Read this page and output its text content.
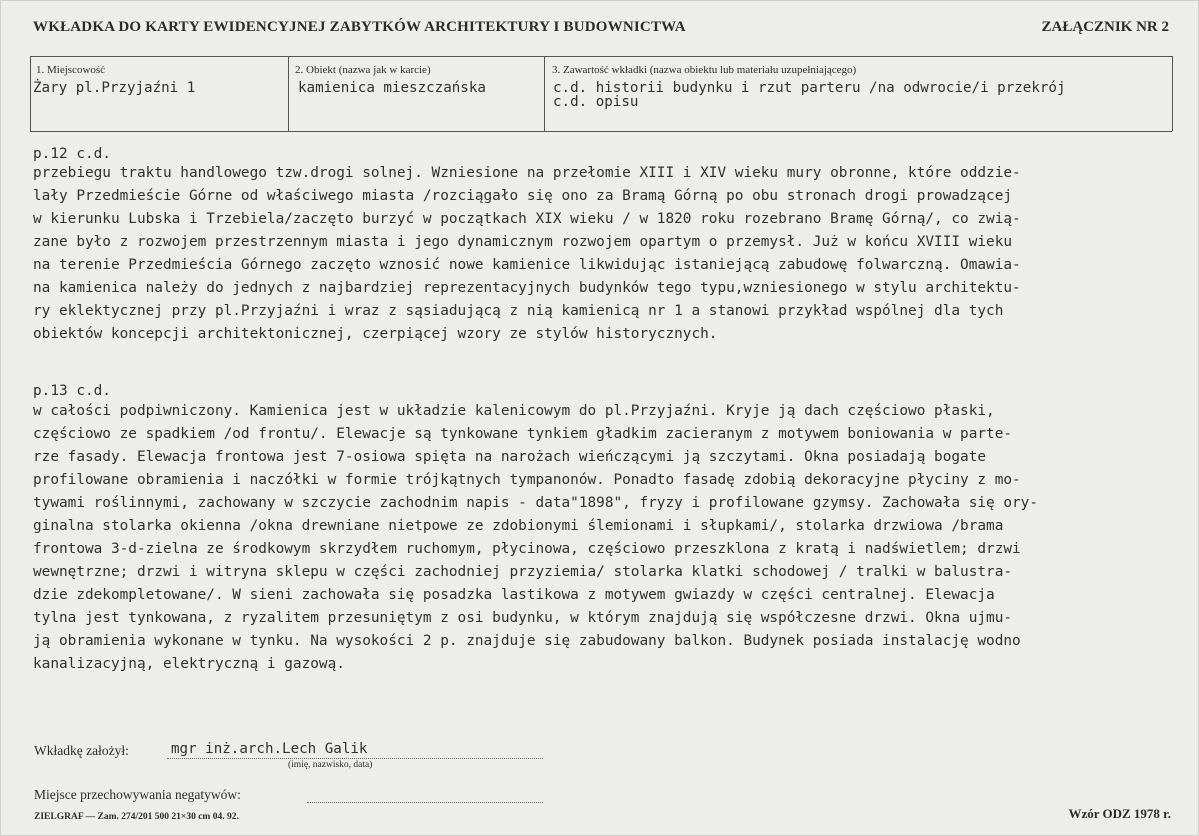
WKŁADKA DO KARTY EWIDENCYJNEJ ZABYTKÓW ARCHITEKTURY I BUDOWNICTWA	ZAŁĄCZNIK NR 2
1. Miejscowość
Żary pl.Przyjaźni 1
2. Obiekt (nazwa jak w karcie)
kamienica mieszczańska
3. Zawartość wkładki (nazwa obiektu lub materiału uzupełniającego)
c.d. historii budynku i rzut parteru /na odwrocie/i przekrój
c.d. opisu
p.12 c.d.
przebiegu traktu handlowego tzw.drogi solnej. Wzniesione na przełomie XIII i XIV wieku mury obronne, które oddzie-
lały Przedmieście Górne od właściwego miasta /rozciągało się ono za Bramą Górną po obu stronach drogi prowadzącej
w kierunku Lubska i Trzebiela/zaczęto burzyć w początkach XIX wieku / w 1820 roku rozebrano Bramę Górną/, co zwią-
zane było z rozwojem przestrzennym miasta i jego dynamicznym rozwojem opartym o przemysł. Już w końcu XVIII wieku
na terenie Przedmieścia Górnego zaczęto wznosić nowe kamienice likwidując istaniejącą zabudowę folwarczną. Omawia-
na kamienica należy do jednych z najbardziej reprezentacyjnych budynków tego typu,wzniesionego w stylu architektu-
ry eklektycznej przy pl.Przyjaźni i wraz z sąsiadującą z nią kamienicą nr 1 a stanowi przykład wspólnej dla tych
obiektów koncepcji architektonicznej, czerpiącej wzory ze stylów historycznych.
p.13 c.d.
w całości podpiwniczony. Kamienica jest w układzie kalenicowym do pl.Przyjaźni. Kryje ją dach częściowo płaski,
częściowo ze spadkiem /od frontu/. Elewacje są tynkowane tynkiem gładkim zacieranym z motywem boniowania w parte-
rze fasady. Elewacja frontowa jest 7-osiowa spięta na narożach wieńczącymi ją szczytami. Okna posiadają bogate
profilowane obramienia i naczółki w formie trójkątnych tympanonów. Ponadto fasadę zdobią dekoracyjne płyciny z mo-
tywami roślinnymi, zachowany w szczycie zachodnim napis - data"1898", fryzy i profilowane gzymsy. Zachowała się ory-
ginalna stolarka okienna /okna drewniane nietpowe ze zdobionymi ślemionami i słupkami/, stolarka drzwiowa /brama
frontowa 3-d-zielna ze środkowym skrzydłem ruchomym, płycinowa, częściowo przeszklona z kratą i nadświetlem; drzwi
wewnętrzne; drzwi i witryna sklepu w części zachodniej przyziemia/ stolarka klatki schodowej / tralki w balustra-
dzie zdekompletowane/. W sieni zachowała się posadzka lastikowa z motywem gwiazdy w części centralnej. Elewacja
tylna jest tynkowana, z ryzalitem przesuniętym z osi budynku, w którym znajdują się współczesne drzwi. Okna ujmu-
ją obramienia wykonane w tynku. Na wysokości 2 p. znajduje się zabudowany balkon. Budynek posiada instalację wodno
kanalizacyjną, elektryczną i gazową.
Wkładkę założył:	mgr inż.arch.Lech Galik
(imię, nazwisko, data)
Miejsce przechowywania negatywów:
ZIELGRAF — Zam. 274/201 500 21×30 cm 04. 92.	Wzór ODZ 1978 r.
